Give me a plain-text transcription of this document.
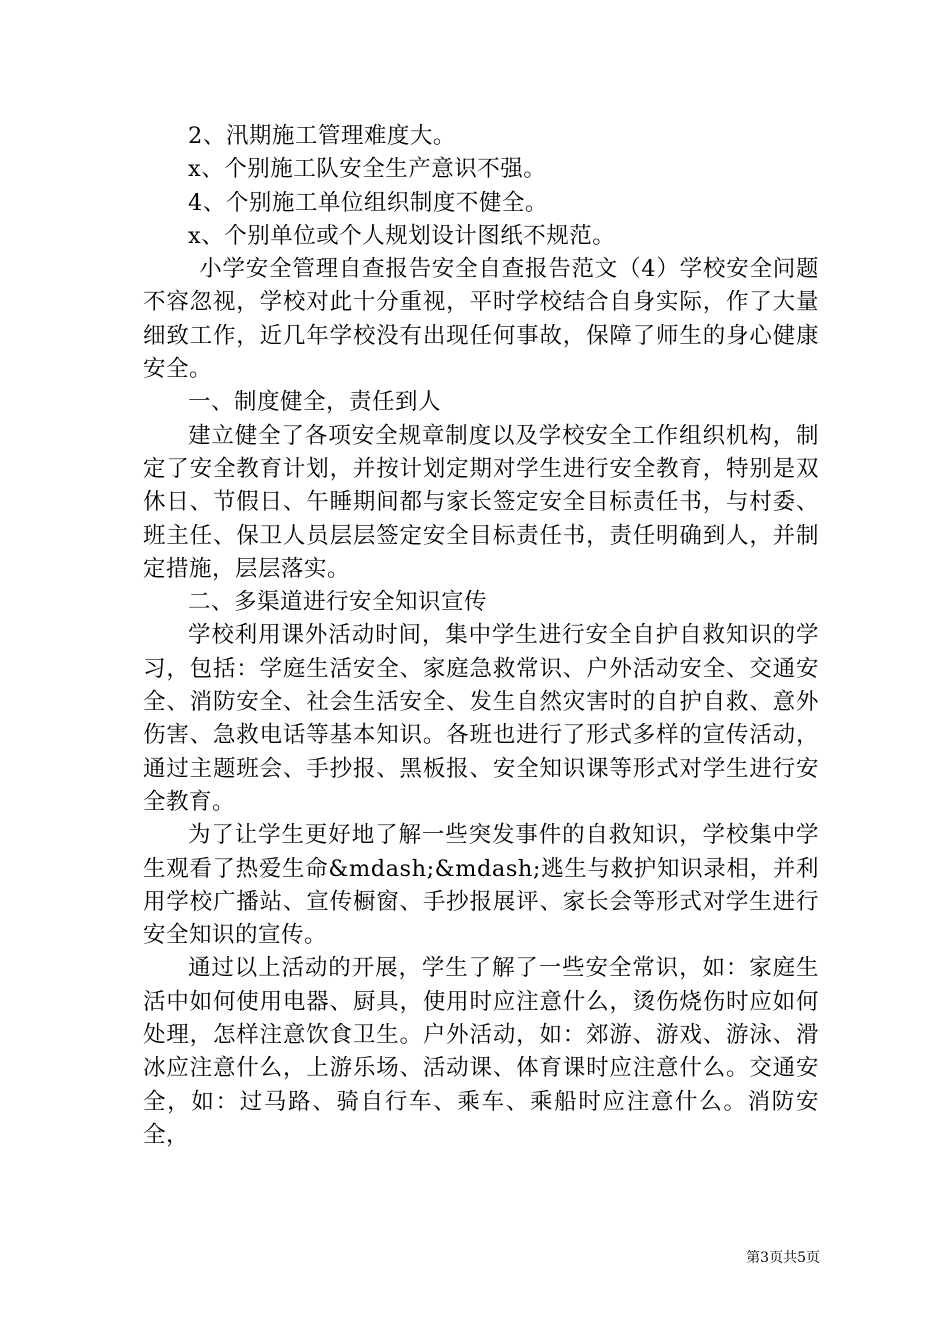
2、汛期施工管理难度大。

x、个别施工队安全生产意识不强。

4、个别施工单位组织制度不健全。

x、个别单位或个人规划设计图纸不规范。

小学安全管理自查报告安全自查报告范文（4）学校安全问题不容忽视，学校对此十分重视，平时学校结合自身实际，作了大量细致工作，近几年学校没有出现任何事故，保障了师生的身心健康安全。

一、制度健全，责任到人

建立健全了各项安全规章制度以及学校安全工作组织机构，制定了安全教育计划，并按计划定期对学生进行安全教育，特别是双休日、节假日、午睡期间都与家长签定安全目标责任书，与村委、班主任、保卫人员层层签定安全目标责任书，责任明确到人，并制定措施，层层落实。

二、多渠道进行安全知识宣传

学校利用课外活动时间，集中学生进行安全自护自救知识的学习，包括：学庭生活安全、家庭急救常识、户外活动安全、交通安全、消防安全、社会生活安全、发生自然灾害时的自护自救、意外伤害、急救电话等基本知识。各班也进行了形式多样的宣传活动，通过主题班会、手抄报、黑板报、安全知识课等形式对学生进行安全教育。

为了让学生更好地了解一些突发事件的自救知识，学校集中学生观看了热爱生命&mdash;&mdash;逃生与救护知识录相，并利用学校广播站、宣传橱窗、手抄报展评、家长会等形式对学生进行安全知识的宣传。

通过以上活动的开展，学生了解了一些安全常识，如：家庭生活中如何使用电器、厨具，使用时应注意什么，烫伤烧伤时应如何处理，怎样注意饮食卫生。户外活动，如：郊游、游戏、游泳、滑冰应注意什么，上游乐场、活动课、体育课时应注意什么。交通安全，如：过马路、骑自行车、乘车、乘船时应注意什么。消防安全，

第3页共5页
